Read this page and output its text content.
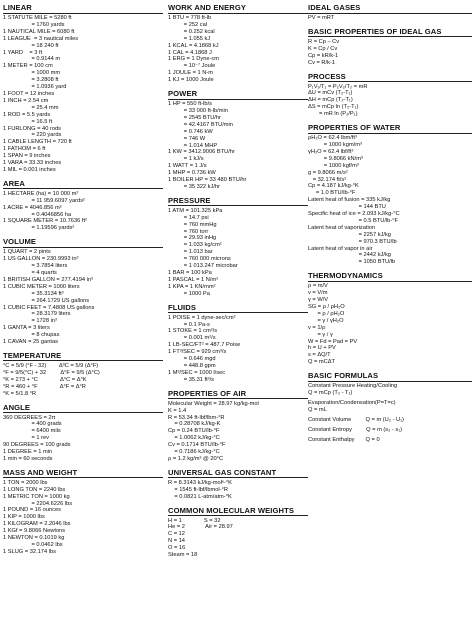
LINEAR
1 STATUTE MILE = 5280 ft
= 1760 yards
1 NAUTICAL MILE = 6080 ft
1 LEAGUE  = 3 nautical miles
= 18 240 ft
1 YARD    = 3 ft
= 0.9144 m
1 METER = 100 cm
= 1000 mm
= 3.2808 ft
= 1.0936 yard
1 FOOT = 12 inches
1 INCH = 2.54 cm
= 25.4 mm
1 ROD = 5.5 yards
= 16.5 ft
1 FURLONG = 40 rods
= 220 yards
1 CABLE LENGTH = 720 ft
1 FATHOM = 6 ft
1 SPAN = 9 inches
1 VARA = 33.33 inches
1 MIL = 0.001 inches
AREA
1 HECTARE (ha) = 10 000 m²
= 11 959.6097 yards²
1 ACRE = 4046.856 m²
= 0.4046856 ha
1 SQUARE METER = 10.7636 ft²
= 1.19596 yards²
VOLUME
1 QUART = 2 pints
1 US GALLON = 230.9993 in³
= 3.7854 liters
= 4 quarts
1 BRITISH GALLON = 277.4194 in³
1 CUBIC METER = 1000 liters
= 35.3134 ft³
= 264.1729 US gallons
1 CUBIC FEET = 7.4808 US gallons
= 28.3179 liters
= 1728 in³
1 GANTA = 3 liters
= 8 chupas
1 CAVAN = 25 gantas
TEMPERATURE
°C = 5/9 (°F - 32)        ΔºC = 5/9 (Δ°F)
°F = 9/5(°C) + 32         Δ°F = 9/5 (Δ°C)
°K = 273 + °C              Δ°C = Δ°K
°R = 460 + °F              Δ°F = Δ°R
°K = 5/1.8 °R
ANGLE
360 DEGREES = 2π
= 400 grads
= 6400 mils
= 1 rev
90 DEGREES = 100 grads
1 DEGREE = 1 min
1 min = 60 seconds
MASS AND WEIGHT
1 TON = 2000 lbs
1 LONG TON = 2240 lbs
1 METRIC TON = 1000 kg
= 2204.6226 lbs
1 POUND = 16 ounces
1 KIP = 1000 lbs
1 KILOGRAM = 2.2046 lbs
1 KGf = 9.8066 Newtons
1 NEWTON = 0.1019 kg
= 0.0462 lbs
1 SLUG = 32.174 lbs
WORK AND ENERGY
1 BTU = 778 ft-lb
= 252 cal
= 0.252 kcal
= 1.055 kJ
1 KCAL = 4.1868 kJ
1 CAL = 4.1868 J
1 ERG = 1 Dyne-cm
= 10⁻⁷ Joule
1 JOULE = 1 N-m
1 KJ = 1000 Joule
POWER
1 HP = 550 ft-lb/s
= 33 000 ft-lb/min
= 2545 BTU/hr
= 42.4167 BTU/min
= 0.746 kW
= 746 W
= 1.014 MHP
1 KW = 3412.9006 BTU/hr
= 1 kJ/s
1 WATT = 1 J/s
1 MHP = 0.736 kW
1 BOILER HP = 33 480 BTU/hr
= 35 322 kJ/hr
PRESSURE
1 ATM = 101.325 kPa
= 14.7 psi
= 760 mmHg
= 760 torr
= 29.93 inHg
= 1.033 kg/cm²
= 1.013 bar
= 760 000 microns
= 1 013.247 microbar
1 BAR = 100 kPa
1 PASCAL = 1 N/m²
1 KPA = 1 KN/mm²
= 1000 Pa
FLUIDS
1 POISE = 1 dyne-sec/cm²
= 0.1 Pa-s
1 STOKE = 1 cm²/s
= 0.001 m²/s
1 LB-SEC/FT² = 487.7 Poise
1 FT³/SEC = 929 cm³/s
= 0.646 mgd
= 448.8 gpm
1 M³/SEC = 1000 l/sec
= 35.31 ft³/s
PROPERTIES OF AIR
Molecular Weight = 28.97 kg/kg-mol
K = 1.4
R = 53.34 ft-lbf/lbm-°R
= 0.28708 kJ/kg-K
Cp = 0.24 BTU/lb-°F
= 1.0062 kJ/kg-°C
Cv = 0.1714 BTU/lb-°F
= 0.7186 kJ/kg-°C
ρ = 1.2 kg/m³ @ 20°C
UNIVERSAL GAS CONSTANT
R = 8.3143 kJ/kg-molᵉ-°K
= 1545 ft-lbf/lbmol-°R
= 0.0821 L-atm/atm-°K
COMMON MOLECULAR WEIGHTS
H = 1              S = 32
He = 2             Air = 28.97
C = 12
N = 14
O = 16
Steam = 18
IDEAL GASES
PV = mRT
BASIC PROPERTIES OF IDEAL GAS
R = Cp – Cv
K = Cp / Cv
Cp = kR/k-1
Cv = R/k-1
PROCESS
P₁V₁/T₁ = P₂V₂/T₂ = mR
ΔU = mCv (T₂-T₁)
ΔH = mCp (T₂-T₁)
ΔS = mCp ln (T₂-T₁)
= mR ln (P₂/P₁)
PROPERTIES OF WATER
ρH₂O = 62.4 lbm/ft³
= 1000 kgm/m³
γH₂O = 62.4 lbf/ft³
= 9.8066 kN/m³
= 1000 kgf/m³
g = 9.8066 m/s²
= 32.174 ft/s²
Cp = 4.187 kJ/kg-°K
= 1.0 BTU/lb-°F
Latent heat of fusion = 335 kJ/kg
= 144 BTU
Specific heat of ice = 2.093 kJ/kg-°C
= 0.5 BTU/lb-°F
Latent heat of vaporization
= 2257 kJ/kg
= 970.3 BTU/lb
Latent heat of vapor in air
= 2442 kJ/kg
= 1050 BTU/lb
THERMODYNAMICS
ρ = m/V
v = V/m
γ = W/V
SG = ρ / ρH₂O
= ρ / ρH₂O
= γ / γH₂O
v = 1/ρ
= γ / γ
W = Fd = Pad = PV
h = U + PV
s = ΔQ/T
Q = mCΔT
BASIC FORMULAS
Constant Pressure Heating/Cooling
Q = mCp (T₂ - T₁)
Evaporation/Condensation(P=T=c)
Q = mL
Constant Volume         Q = m (U₂ - U₁)
Constant Entropy         Q = m (s₂ - s₁)
Constant Enthalpy       Q = 0
